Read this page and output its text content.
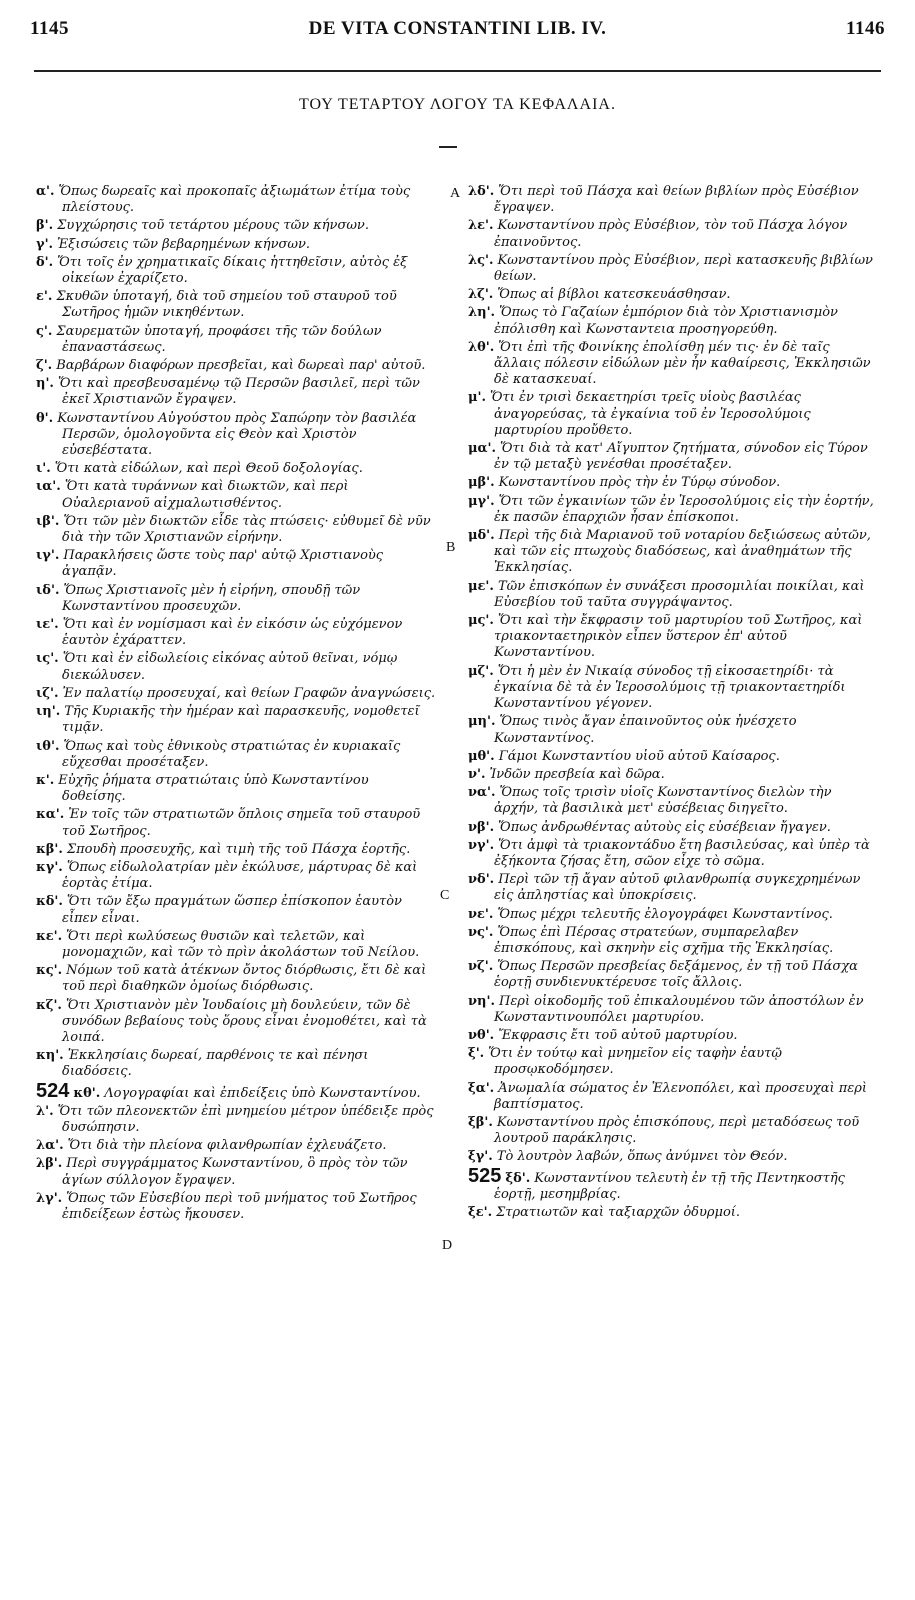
1145	DE VITA CONSTANTINI LIB. IV.	1146
ΤΟΥ ΤΕΤΑΡΤΟΥ ΛΟΓΟΥ ΤΑ ΚΕΦΑΛΑΙΑ.
α'. Ὅπως δωρεαῖς καὶ προκοπαῖς ἀξιωμάτων ἐτίμα τοὺς πλείστους.
β'. Συγχώρησις τοῦ τετάρτου μέρους τῶν κήνσων.
γ'. Ἐξισώσεις τῶν βεβαρημένων κήνσων.
δ'. Ὅτι τοῖς ἐν χρηματικαῖς δίκαις ἡττηθεῖσιν, αὐτὸς ἐξ οἰκείων ἐχαρίζετο.
ε'. Σκυθῶν ὑποταγή, διὰ τοῦ σημείου τοῦ σταυροῦ τοῦ Σωτῆρος ἡμῶν νικηθέντων.
ς'. Σαυρεματῶν ὑποταγή, προφάσει τῆς τῶν δούλων ἐπαναστάσεως.
ζ'. Βαρβάρων διαφόρων πρεσβεῖαι, καὶ δωρεαὶ παρ' αὐτοῦ.
η'. Ὅτι καὶ πρεσβευσαμένῳ τῷ Περσῶν βασιλεῖ, περὶ τῶν ἐκεῖ Χριστιανῶν ἔγραψεν.
θ'. Κωνσταντίνου Αὐγούστου πρὸς Σαπώρην τὸν βασιλέα Περσῶν, ὁμολογοῦντα εἰς Θεὸν καὶ Χριστὸν εὐσεβέστατα.
ι'. Ὅτι κατὰ εἰδώλων, καὶ περὶ Θεοῦ δοξολογίας.
ια'. Ὅτι κατὰ τυράννων καὶ διωκτῶν, καὶ περὶ Οὐαλεριανοῦ αἰχμαλωτισθέντος.
ιβ'. Ὅτι τῶν μὲν διωκτῶν εἶδε τὰς πτώσεις· εὐθυμεῖ δὲ νῦν διὰ τὴν τῶν Χριστιανῶν εἰρήνην.
ιγ'. Παρακλήσεις ὥστε τοὺς παρ' αὐτῷ Χριστιανοὺς ἀγαπᾷν.
ιδ'. Ὅπως Χριστιανοῖς μὲν ἡ εἰρήνη, σπουδῇ τῶν Κωνσταντίνου προσευχῶν.
ιε'. Ὅτι καὶ ἐν νομίσμασι καὶ ἐν εἰκόσιν ὡς εὐχόμενον ἑαυτὸν ἐχάραττεν.
ις'. Ὅτι καὶ ἐν εἰδωλείοις εἰκόνας αὐτοῦ θεῖναι, νόμῳ διεκώλυσεν.
ιζ'. Ἐν παλατίῳ προσευχαί, καὶ θείων Γραφῶν ἀναγνώσεις.
ιη'. Τῆς Κυριακῆς τὴν ἡμέραν καὶ παρασκευῆς, νομοθετεῖ τιμᾷν.
ιθ'. Ὅπως καὶ τοὺς ἐθνικοὺς στρατιώτας ἐν κυριακαῖς εὔχεσθαι προσέταξεν.
κ'. Εὐχῆς ῥήματα στρατιώταις ὑπὸ Κωνσταντίνου δοθείσης.
κα'. Ἐν τοῖς τῶν στρατιωτῶν ὅπλοις σημεῖα τοῦ σταυροῦ τοῦ Σωτῆρος.
κβ'. Σπουδὴ προσευχῆς, καὶ τιμὴ τῆς τοῦ Πάσχα ἑορτῆς.
κγ'. Ὅπως εἰδωλολατρίαν μὲν ἐκώλυσε, μάρτυρας δὲ καὶ ἑορτὰς ἐτίμα.
κδ'. Ὅτι τῶν ἔξω πραγμάτων ὥσπερ ἐπίσκοπον ἑαυτὸν εἶπεν εἶναι.
κε'. Ὅτι περὶ κωλύσεως θυσιῶν καὶ τελετῶν, καὶ μονομαχιῶν, καὶ τῶν τὸ πρὶν ἀκολάστων τοῦ Νείλου.
κς'. Νόμων τοῦ κατὰ ἀτέκνων ὄντος διόρθωσις, ἔτι δὲ καὶ τοῦ περὶ διαθηκῶν ὁμοίως διόρθωσις.
κζ'. Ὅτι Χριστιανὸν μὲν Ἰουδαίοις μὴ δουλεύειν, τῶν δὲ συνόδων βεβαίους τοὺς ὅρους εἶναι ἐνομοθέτει, καὶ τὰ λοιπά.
κη'. Ἐκκλησίαις δωρεαί, παρθένοις τε καὶ πένησι διαδόσεις.
524 κθ'. Λογογραφίαι καὶ ἐπιδείξεις ὑπὸ Κωνσταντίνου.
λ'. Ὅτι τῶν πλεονεκτῶν ἐπὶ μνημείου μέτρον ὑπέδειξε πρὸς δυσώπησιν.
λα'. Ὅτι διὰ τὴν πλείονα φιλανθρωπίαν ἐχλευάζετο.
λβ'. Περὶ συγγράμματος Κωνσταντίνου, ὃ πρὸς τὸν τῶν ἁγίων σύλλογον ἔγραψεν.
λγ'. Ὅπως τῶν Εὐσεβίου περὶ τοῦ μνήματος τοῦ Σωτῆρος ἐπιδείξεων ἑστὼς ἤκουσεν.
λδ'. Ὅτι περὶ τοῦ Πάσχα καὶ θείων βιβλίων πρὸς Εὐσέβιον ἔγραψεν.
λε'. Κωνσταντίνου πρὸς Εὐσέβιον, τὸν τοῦ Πάσχα λόγον ἐπαινοῦντος.
λς'. Κωνσταντίνου πρὸς Εὐσέβιον, περὶ κατασκευῆς βιβλίων θείων.
λζ'. Ὅπως αἱ βίβλοι κατεσκευάσθησαν.
λη'. Ὅπως τὸ Γαζαίων ἐμπόριον διὰ τὸν Χριστιανισμὸν ἐπόλισθη καὶ Κωνσταντεια προσηγορεύθη.
λθ'. Ὅτι ἐπὶ τῆς Φοινίκης ἐπολίσθη μέν τις· ἐν δὲ ταῖς ἄλλαις πόλεσιν εἰδώλων μὲν ἦν καθαίρεσις, Ἐκκλησιῶν δὲ κατασκευαί.
μ'. Ὅτι ἐν τρισὶ δεκαετηρίσι τρεῖς υἱοὺς βασιλέας ἀναγορεύσας, τὰ ἐγκαίνια τοῦ ἐν Ἱεροσολύμοις μαρτυρίου προὔθετο.
μα'. Ὅτι διὰ τὰ κατ' Αἴγυπτον ζητήματα, σύνοδον εἰς Τύρον ἐν τῷ μεταξὺ γενέσθαι προσέταξεν.
μβ'. Κωνσταντίνου πρὸς τὴν ἐν Τύρῳ σύνοδον.
μγ'. Ὅτι τῶν ἐγκαινίων τῶν ἐν Ἱεροσολύμοις εἰς τὴν ἑορτήν, ἐκ πασῶν ἐπαρχιῶν ἦσαν ἐπίσκοποι.
μδ'. Περὶ τῆς διὰ Μαριανοῦ τοῦ νοταρίου δεξιώσεως αὐτῶν, καὶ τῶν εἰς πτωχοὺς διαδόσεως, καὶ ἀναθημάτων τῆς Ἐκκλησίας.
με'. Τῶν ἐπισκόπων ἐν συνάξεσι προσομιλίαι ποικίλαι, καὶ Εὐσεβίου τοῦ ταῦτα συγγράψαντος.
μς'. Ὅτι καὶ τὴν ἔκφρασιν τοῦ μαρτυρίου τοῦ Σωτῆρος, καὶ τριακονταετηρικὸν εἶπεν ὕστερον ἐπ' αὐτοῦ Κωνσταντίνου.
μζ'. Ὅτι ἡ μὲν ἐν Νικαίᾳ σύνοδος τῇ εἰκοσαετηρίδι· τὰ ἐγκαίνια δὲ τὰ ἐν Ἱεροσολύμοις τῇ τριακονταετηρίδι Κωνσταντίνου γέγονεν.
μη'. Ὅπως τινὸς ἄγαν ἐπαινοῦντος οὐκ ἠνέσχετο Κωνσταντίνος.
μθ'. Γάμοι Κωνσταντίου υἱοῦ αὐτοῦ Καίσαρος.
ν'. Ἰνδῶν πρεσβεία καὶ δῶρα.
να'. Ὅπως τοῖς τρισὶν υἱοῖς Κωνσταντίνος διελὼν τὴν ἀρχήν, τὰ βασιλικὰ μετ' εὐσέβειας διηγεῖτο.
νβ'. Ὅπως ἀνδρωθέντας αὐτοὺς εἰς εὐσέβειαν ἤγαγεν.
νγ'. Ὅτι ἀμφὶ τὰ τριακοντάδυο ἔτη βασιλεύσας, καὶ ὑπὲρ τὰ ἐξήκοντα ζήσας ἔτη, σῶον εἶχε τὸ σῶμα.
νδ'. Περὶ τῶν τῇ ἄγαν αὐτοῦ φιλανθρωπίᾳ συγκεχρημένων εἰς ἀπληστίας καὶ ὑποκρίσεις.
νε'. Ὅπως μέχρι τελευτῆς ἐλογογράφει Κωνσταντίνος.
νς'. Ὅπως ἐπὶ Πέρσας στρατεύων, συμπαρελαβεν ἐπισκόπους, καὶ σκηνὴν εἰς σχῆμα τῆς Ἐκκλησίας.
νζ'. Ὅπως Περσῶν πρεσβείας δεξάμενος, ἐν τῇ τοῦ Πάσχα ἑορτῇ συνδιενυκτέρευσε τοῖς ἄλλοις.
νη'. Περὶ οἰκοδομῆς τοῦ ἐπικαλουμένου τῶν ἀποστόλων ἐν Κωνσταντινουπόλει μαρτυρίου.
νθ'. Ἔκφρασις ἔτι τοῦ αὐτοῦ μαρτυρίου.
ξ'. Ὅτι ἐν τούτῳ καὶ μνημεῖον εἰς ταφὴν ἑαυτῷ προσῳκοδόμησεν.
ξα'. Ἀνωμαλία σώματος ἐν Ἑλενοπόλει, καὶ προσευχαὶ περὶ βαπτίσματος.
ξβ'. Κωνσταντίνου πρὸς ἐπισκόπους, περὶ μεταδόσεως τοῦ λουτροῦ παράκλησις.
ξγ'. Τὸ λουτρὸν λαβών, ὅπως ἀνύμνει τὸν Θεόν.
525 ξδ'. Κωνσταντίνου τελευτὴ ἐν τῇ τῆς Πεντηκοστῆς ἑορτῇ, μεσημβρίας.
ξε'. Στρατιωτῶν καὶ ταξιαρχῶν ὀδυρμοί.
A
B
C
D
